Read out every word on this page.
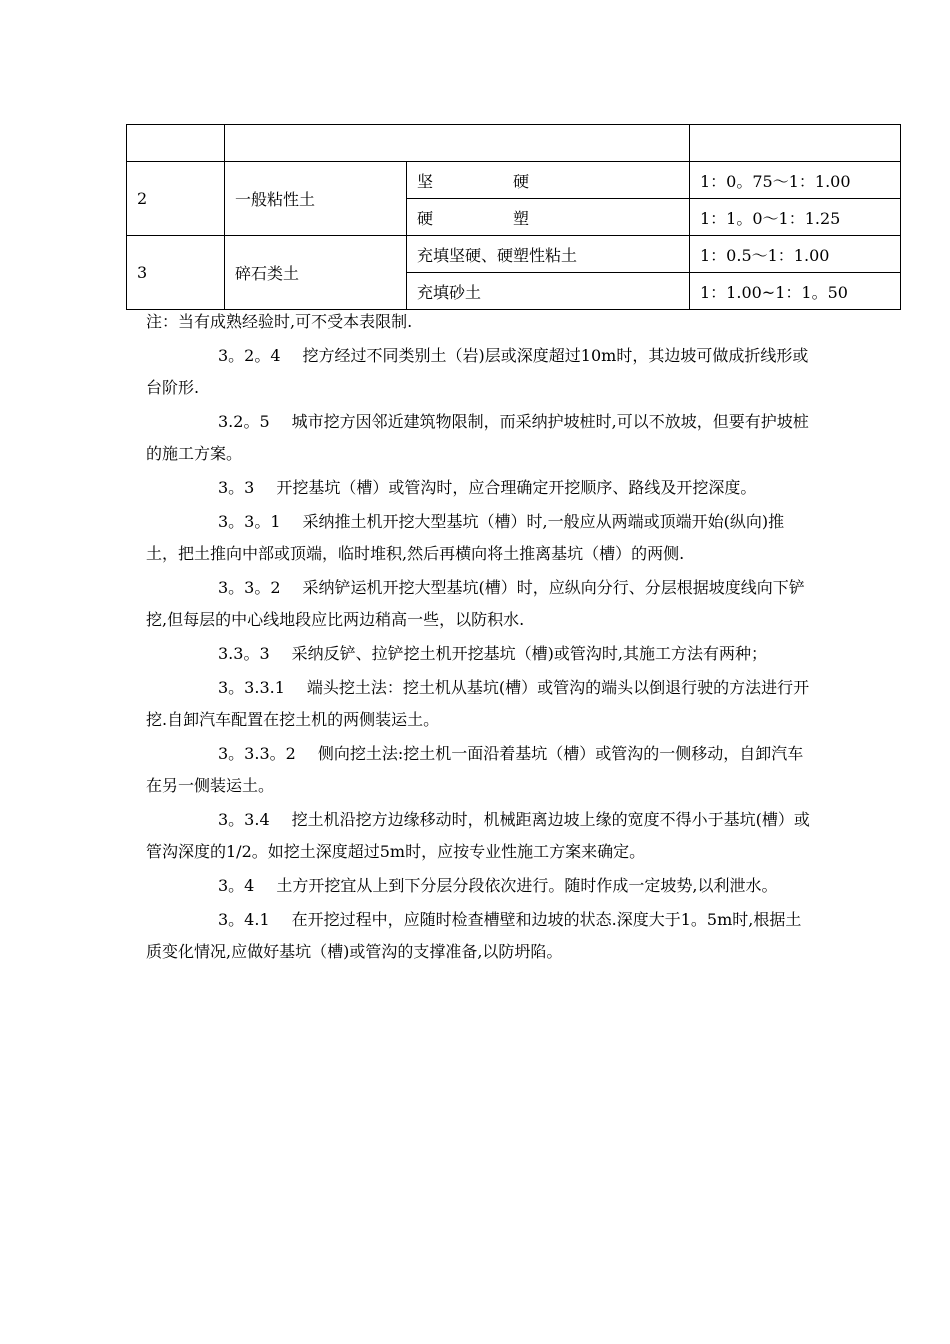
2	一般粘性土	坚 硬	1：0。75～1：1.00

		硬 塑	1：1。0～1：1.25
3	碎石类土	充填坚硬、硬塑性粘土	1：0.5～1：1.00
		充填砂土	1：1.00~1：1。50
注：当有成熟经验时,可不受本表限制.

3。2。4 挖方经过不同类别土（岩)层或深度超过10m时，其边坡可做成折线形或台阶形.

3.2。5 城市挖方因邻近建筑物限制，而采纳护坡桩时,可以不放坡，但要有护坡桩的施工方案。

3。3 开挖基坑（槽）或管沟时，应合理确定开挖顺序、路线及开挖深度。

3。3。1 采纳推土机开挖大型基坑（槽）时,一般应从两端或顶端开始(纵向)推土，把土推向中部或顶端，临时堆积,然后再横向将土推离基坑（槽）的两侧.

3。3。2 采纳铲运机开挖大型基坑(槽）时，应纵向分行、分层根据坡度线向下铲挖,但每层的中心线地段应比两边稍高一些，以防积水.

3.3。3 采纳反铲、拉铲挖土机开挖基坑（槽)或管沟时,其施工方法有两种；

3。3.3.1 端头挖土法：挖土机从基坑(槽）或管沟的端头以倒退行驶的方法进行开挖.自卸汽车配置在挖土机的两侧装运土。

3。3.3。2 侧向挖土法:挖土机一面沿着基坑（槽）或管沟的一侧移动，自卸汽车在另一侧装运土。

3。3.4 挖土机沿挖方边缘移动时，机械距离边坡上缘的宽度不得小于基坑(槽）或管沟深度的1/2。如挖土深度超过5m时，应按专业性施工方案来确定。

3。4 土方开挖宜从上到下分层分段依次进行。随时作成一定坡势,以利泄水。

3。4.1 在开挖过程中，应随时检查槽壁和边坡的状态.深度大于1。5m时,根据土质变化情况,应做好基坑（槽)或管沟的支撑准备,以防坍陷。
